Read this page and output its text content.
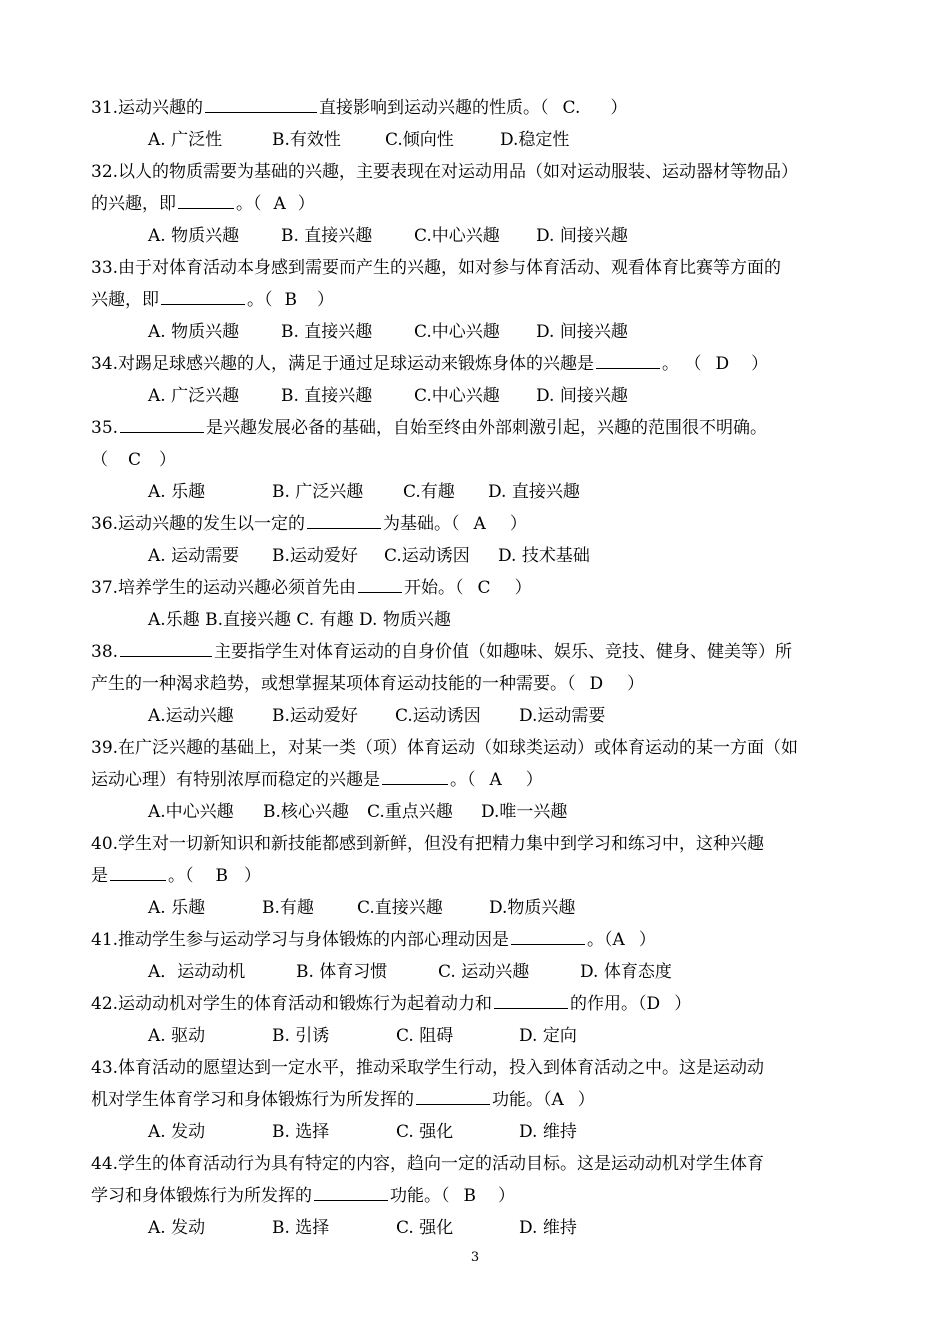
31. 运动兴趣的	直接影响到运动兴趣的性质。（ C. ）
A. 广泛性	B.有效性	C.倾向性	D.稳定性
32. 以人的物质需要为基础的兴趣，主要表现在对运动用品（如对运动服装、运动器材等物品）
的兴趣，即	。（ A ）
A. 物质兴趣	B. 直接兴趣	C.中心兴趣	D. 间接兴趣
33. 由于对体育活动本身感到需要而产生的兴趣，如对参与体育活动、观看体育比赛等方面的
兴趣，即	。（ B ）
A. 物质兴趣	B. 直接兴趣	C.中心兴趣	D. 间接兴趣
34. 对踢足球感兴趣的人，满足于通过足球运动来锻炼身体的兴趣是	。 （ D ）
A. 广泛兴趣	B. 直接兴趣	C.中心兴趣	D. 间接兴趣
35.	是兴趣发展必备的基础，自始至终由外部刺激引起，兴趣的范围很不明确。
（ C ）
A. 乐趣	B. 广泛兴趣	C.有趣	D. 直接兴趣
36. 运动兴趣的发生以一定的	为基础。（ A ）
A. 运动需要	B.运动爱好	C.运动诱因	D. 技术基础
37. 培养学生的运动兴趣必须首先由	开始。（ C ）
A.乐趣 B.直接兴趣 C. 有趣 D. 物质兴趣
38.	主要指学生对体育运动的自身价值（如趣味、娱乐、竞技、健身、健美等）所
产生的一种渴求趋势，或想掌握某项体育运动技能的一种需要。（ D ）
A.运动兴趣	B.运动爱好	C.运动诱因	D.运动需要
39. 在广泛兴趣的基础上，对某一类（项）体育运动（如球类运动）或体育运动的某一方面（如
运动心理）有特别浓厚而稳定的兴趣是	。（ A ）
A.中心兴趣	B.核心兴趣	C.重点兴趣	D.唯一兴趣
40. 学生对一切新知识和新技能都感到新鲜，但没有把精力集中到学习和练习中，这种兴趣
是	。（ B ）
A. 乐趣	B.有趣	C.直接兴趣	D.物质兴趣
41. 推动学生参与运动学习与身体锻炼的内部心理动因是	。（ A ）
A．运动动机	B. 体育习惯	C. 运动兴趣	D. 体育态度
42. 运动动机对学生的体育活动和锻炼行为起着动力和	的作用。（ D ）
A. 驱动	B. 引诱	C. 阻碍	D. 定向
43. 体育活动的愿望达到一定水平，推动采取学生行动，投入到体育活动之中。这是运动动
机对学生体育学习和身体锻炼行为所发挥的	功能。（ A ）
A. 发动	B. 选择	C. 强化	D. 维持
44. 学生的体育活动行为具有特定的内容，趋向一定的活动目标。这是运动动机对学生体育
学习和身体锻炼行为所发挥的	功能。（ B ）
A. 发动	B. 选择	C. 强化	D. 维持
3
